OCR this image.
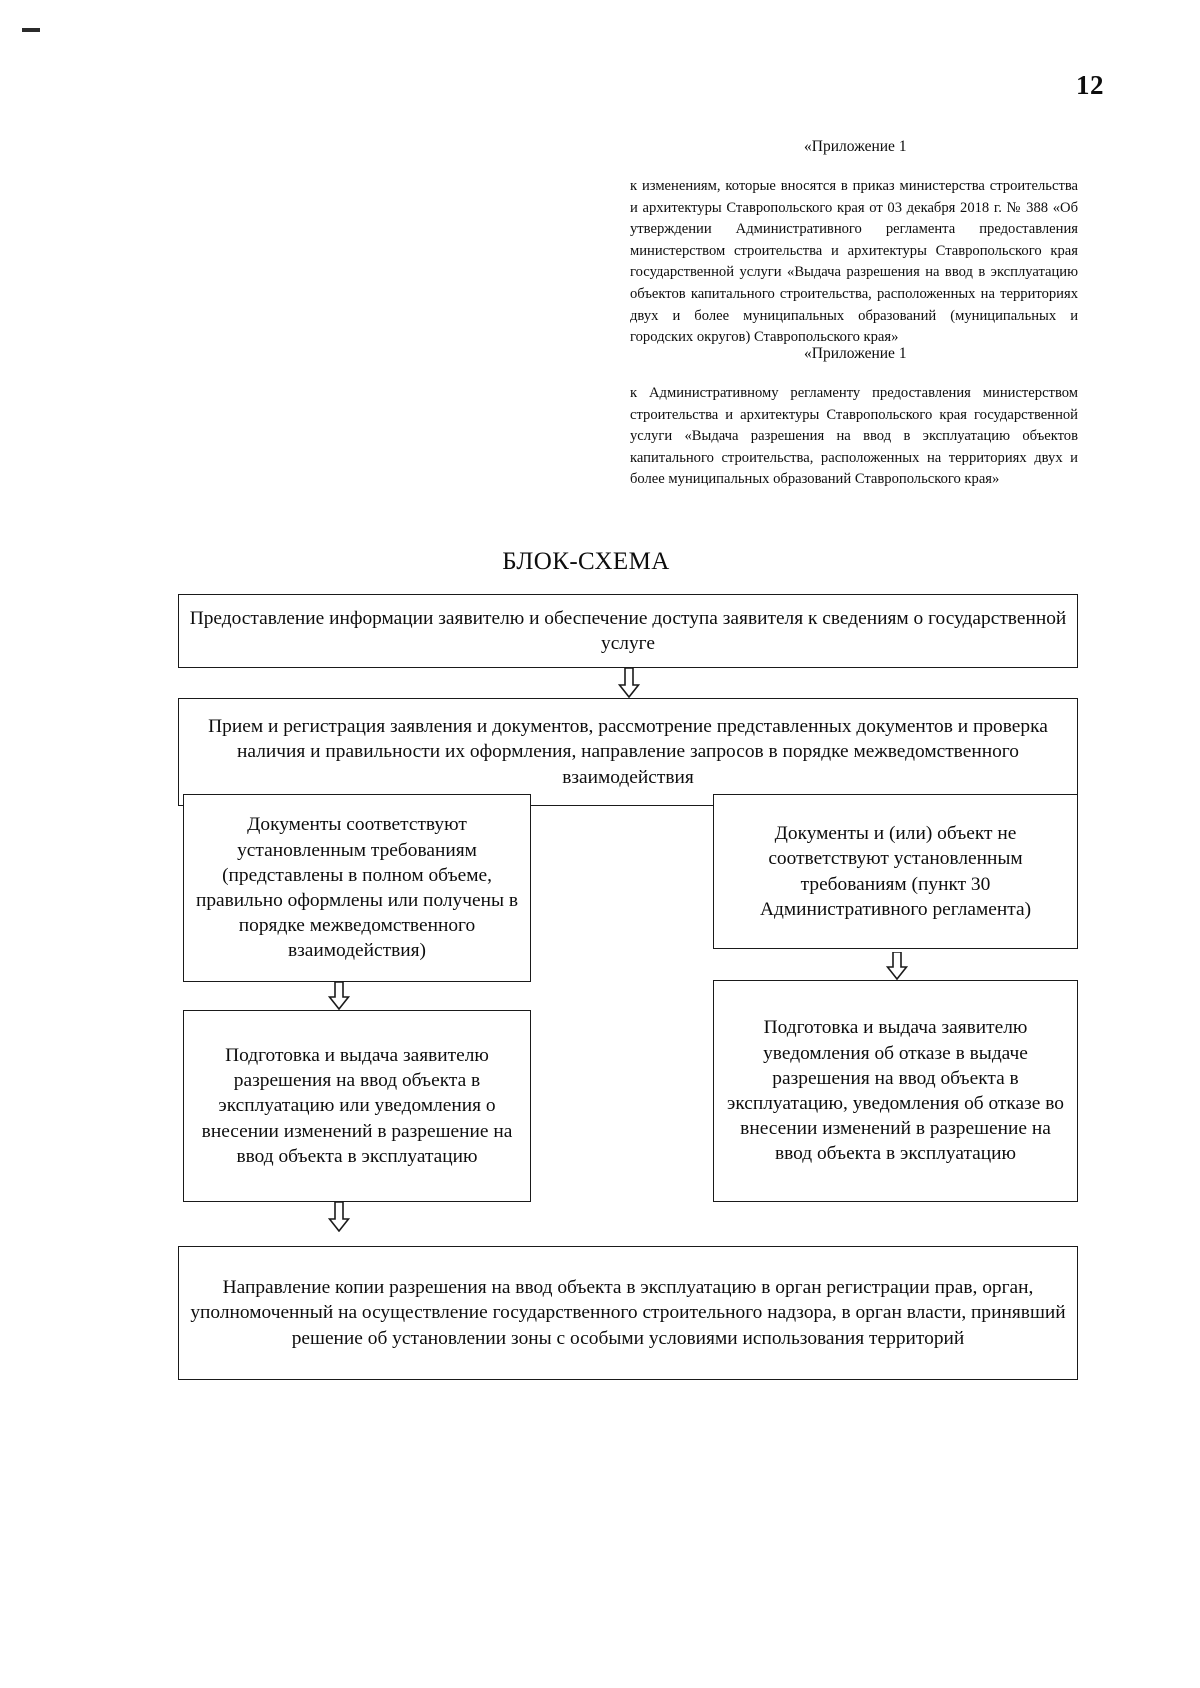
12
«Приложение 1
к изменениям, которые вносятся в приказ министерства строительства и архитектуры Ставропольского края от 03 декабря 2018 г. № 388 «Об утверждении Административного регламента предоставления министерством строительства и архитектуры Ставропольского края государственной услуги «Выдача разрешения на ввод в эксплуатацию объектов капитального строительства, расположенных на территориях двух и более муниципальных образований (муниципальных и городских округов) Ставропольского края»
«Приложение 1
к Административному регламенту предоставления министерством строительства и архитектуры Ставропольского края государственной услуги «Выдача разрешения на ввод в эксплуатацию объектов капитального строительства, расположенных на территориях двух и более муниципальных образований Ставропольского края»
БЛОК-СХЕМА

Предоставление информации заявителю и обеспечение доступа заявителя к сведениям о государственной услуге

Прием и регистрация заявления и документов, рассмотрение представленных документов и проверка наличия и правильности их оформления, направление запросов в порядке межведомственного взаимодействия

Документы соответствуют установленным требованиям (представлены в полном объеме, правильно оформлены или получены в порядке межведомственного взаимодействия)

Документы и (или) объект не соответствуют установленным требованиям (пункт 30 Административного регламента)

Подготовка и выдача заявителю разрешения на ввод объекта в эксплуатацию или уведомления о внесении изменений в разрешение на ввод объекта в эксплуатацию

Подготовка и выдача заявителю уведомления об отказе в выдаче разрешения на ввод объекта в эксплуатацию, уведомления об отказе во внесении изменений в разрешение на ввод объекта в эксплуатацию

Направление копии разрешения на ввод объекта в эксплуатацию в орган регистрации прав, орган, уполномоченный на осуществление государственного строительного надзора, в орган власти, принявший решение об установлении зоны с особыми условиями использования территорий
